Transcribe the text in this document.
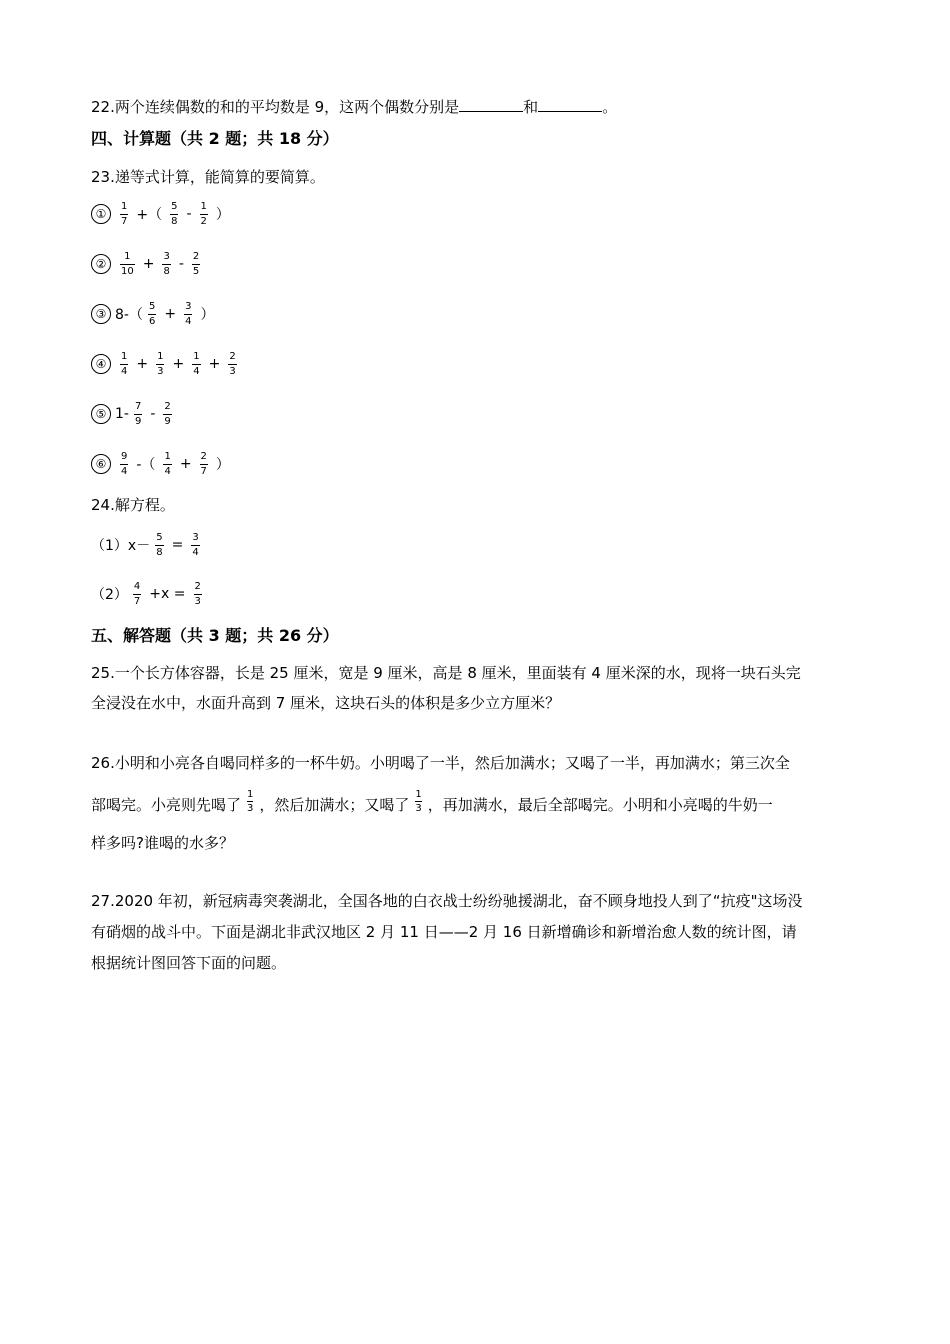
22.两个连续偶数的和的平均数是 9，这两个偶数分别是	和	。
四、计算题（共 2 题；共 18 分）
23.递等式计算，能简算的要简算。
①	$\frac{1}{7}$ +（ $\frac{5}{8} - \frac{1}{2}$ ）
②	$\frac{1}{10} + \frac{3}{8} - \frac{2}{5}$
③ $8-( \frac{5}{6} + \frac{3}{4}$ ）
④	$\frac{1}{4} + \frac{1}{3} + \frac{1}{4} + \frac{2}{3}$
⑤ $1- \frac{7}{9} - \frac{2}{9}$
⑥	$\frac{9}{4}$ -（ $\frac{1}{4} + \frac{2}{7}$ ）
24.解方程。
$(1)x- \frac{5}{8} = \frac{3}{4}$
$(2) \frac{4}{7} +x = \frac{2}{3}$
五、解答题（共 3 题；共 26 分）
25.一个长方体容器，长是 25 厘米，宽是 9 厘米，高是 8 厘米，里面装有 4 厘米深的水，现将一块石头完
全浸没在水中，水面升高到 7 厘米，这块石头的体积是多少立方厘米？
26.小明和小亮各自喝同样多的一杯牛奶。小明喝了一半，然后加满水；又喝了一半，再加满水；第三次全
部喝完。小亮则先喝了 $\frac{1}{3}$ ，然后加满水；又喝了 $\frac{1}{3}$ ，再加满水，最后全部喝完。小明和小亮喝的牛奶一
样多吗?谁喝的水多？
27.2020 年初，新冠病毒突袭湖北，全国各地的白衣战士纷纷驰援湖北，奋不顾身地投人到了“抗疫"这场没
有硝烟的战斗中。下面是湖北非武汉地区 2 月 11 日——2 月 16 日新增确诊和新增治愈人数的统计图，请
根据统计图回答下面的问题。
